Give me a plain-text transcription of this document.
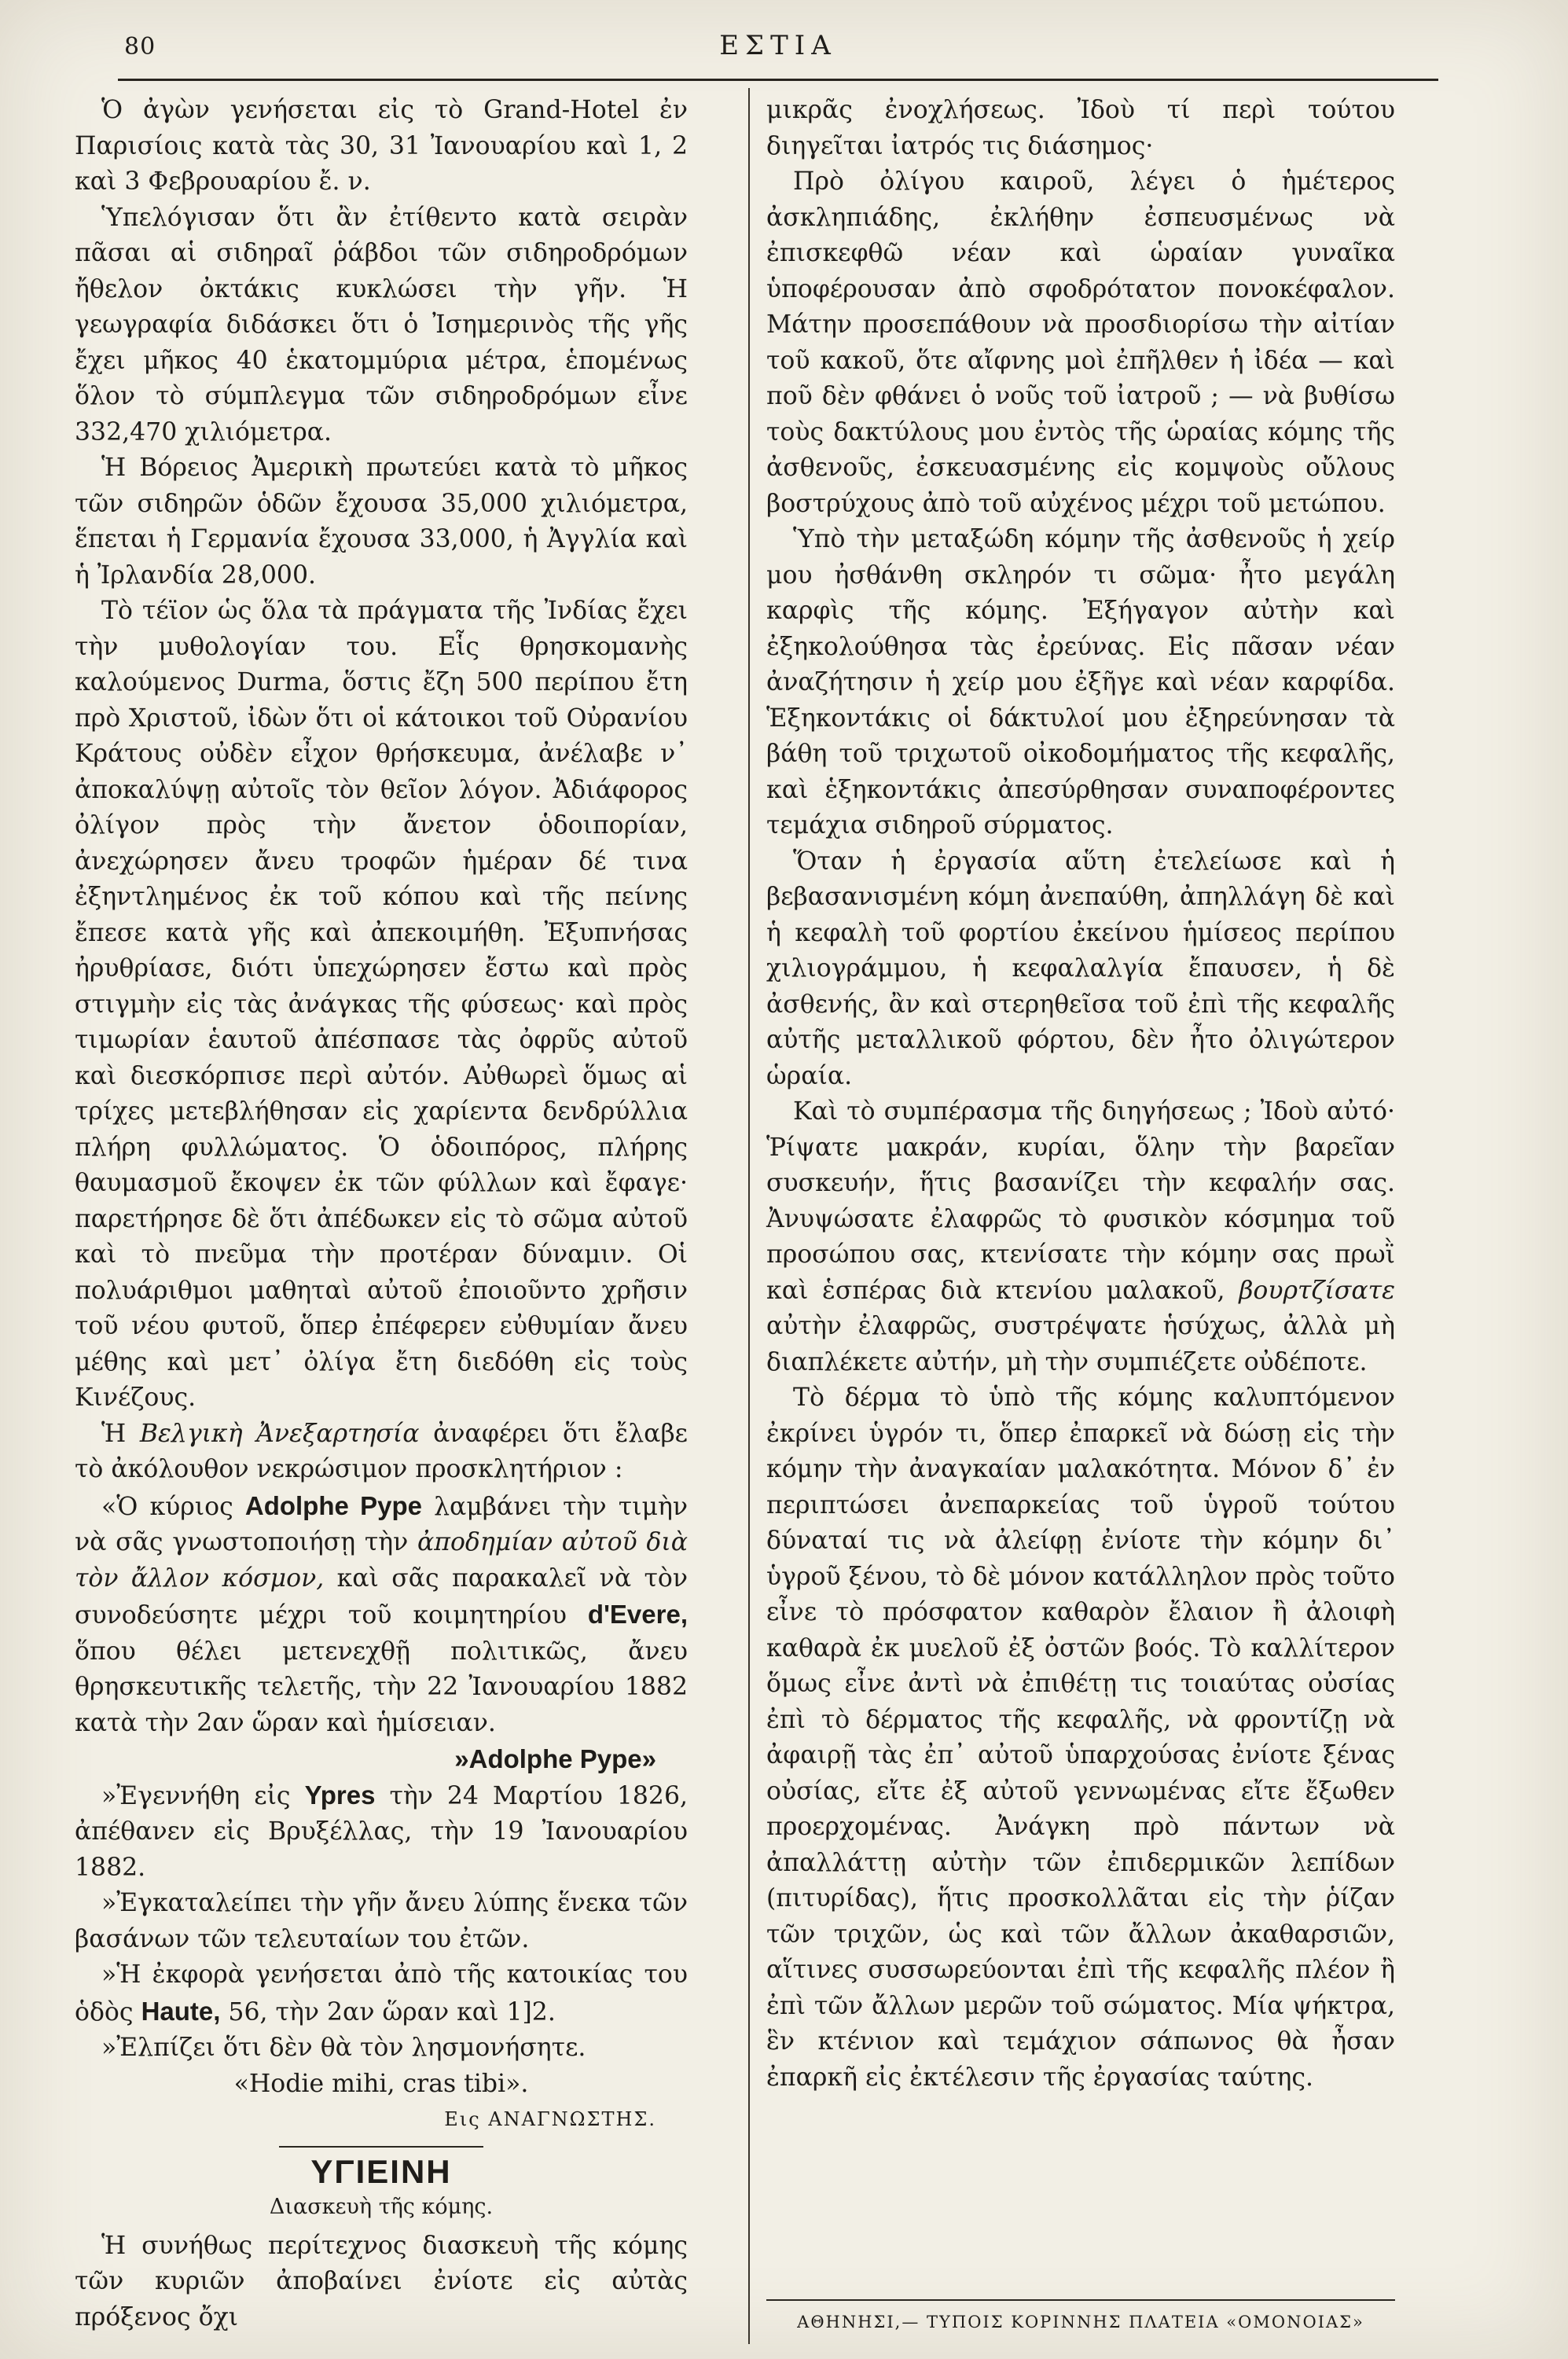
80	ΕΣΤΙΑ

Ὁ ἀγὼν γενήσεται εἰς τὸ Grand-Hotel ἐν Παρισίοις κατὰ τὰς 30, 31 Ἰανουαρίου καὶ 1, 2 καὶ 3 Φεβρουαρίου ἔ. ν.

Ὑπελόγισαν ὅτι ἂν ἐτίθεντο κατὰ σειρὰν πᾶσαι αἱ σιδηραῖ ῥάβδοι τῶν σιδηροδρόμων ἤθελον ὀκτάκις κυκλώσει τὴν γῆν. Ἡ γεωγραφία διδάσκει ὅτι ὁ Ἰσημερινὸς τῆς γῆς ἔχει μῆκος 40 ἑκατομμύρια μέτρα, ἑπομένως ὅλον τὸ σύμπλεγμα τῶν σιδηροδρόμων εἶνε 332,470 χιλιόμετρα.

Ἡ Βόρειος Ἀμερικὴ πρωτεύει κατὰ τὸ μῆκος τῶν σιδηρῶν ὁδῶν ἔχουσα 35,000 χιλιόμετρα, ἕπεται ἡ Γερμανία ἔχουσα 33,000, ἡ Ἀγγλία καὶ ἡ Ἰρλανδία 28,000.

Τὸ τέϊον ὡς ὅλα τὰ πράγματα τῆς Ἰνδίας ἔχει τὴν μυθολογίαν του. Εἷς θρησκομανὴς καλούμενος Durma, ὅστις ἔζη 500 περίπου ἔτη πρὸ Χριστοῦ, ἰδὼν ὅτι οἱ κάτοικοι τοῦ Οὐρανίου Κράτους οὐδὲν εἶχον θρήσκευμα, ἀνέλαβε ν᾿ ἀποκαλύψῃ αὐτοῖς τὸν θεῖον λόγον. Ἀδιάφορος ὀλίγον πρὸς τὴν ἄνετον ὁδοιπορίαν, ἀνεχώρησεν ἄνευ τροφῶν ἡμέραν δέ τινα ἐξηντλημένος ἐκ τοῦ κόπου καὶ τῆς πείνης ἔπεσε κατὰ γῆς καὶ ἀπεκοιμήθη. Ἐξυπνήσας ἠρυθρίασε, διότι ὑπεχώρησεν ἔστω καὶ πρὸς στιγμὴν εἰς τὰς ἀνάγκας τῆς φύσεως· καὶ πρὸς τιμωρίαν ἑαυτοῦ ἀπέσπασε τὰς ὀφρῦς αὐτοῦ καὶ διεσκόρπισε περὶ αὐτόν. Αὐθωρεὶ ὅμως αἱ τρίχες μετεβλήθησαν εἰς χαρίεντα δενδρύλλια πλήρη φυλλώματος. Ὁ ὁδοιπόρος, πλήρης θαυμασμοῦ ἔκοψεν ἐκ τῶν φύλλων καὶ ἔφαγε· παρετήρησε δὲ ὅτι ἀπέδωκεν εἰς τὸ σῶμα αὐτοῦ καὶ τὸ πνεῦμα τὴν προτέραν δύναμιν. Οἱ πολυάριθμοι μαθηταὶ αὐτοῦ ἐποιοῦντο χρῆσιν τοῦ νέου φυτοῦ, ὅπερ ἐπέφερεν εὐθυμίαν ἄνευ μέθης καὶ μετ᾿ ὀλίγα ἔτη διεδόθη εἰς τοὺς Κινέζους.

Ἡ Βελγικὴ Ἀνεξαρτησία ἀναφέρει ὅτι ἔλαβε τὸ ἀκόλουθον νεκρώσιμον προσκλητήριον :

«Ὁ κύριος Adolphe Pype λαμβάνει τὴν τιμὴν νὰ σᾶς γνωστοποιήσῃ τὴν ἀποδημίαν αὐτοῦ διὰ τὸν ἄλλον κόσμον, καὶ σᾶς παρακαλεῖ νὰ τὸν συνοδεύσητε μέχρι τοῦ κοιμητηρίου d'Evere, ὅπου θέλει μετενεχθῇ πολιτικῶς, ἄνευ θρησκευτικῆς τελετῆς, τὴν 22 Ἰανουαρίου 1882 κατὰ τὴν 2αν ὥραν καὶ ἡμίσειαν.

»Adolphe Pype»

»Ἐγεννήθη εἰς Ypres τὴν 24 Μαρτίου 1826, ἀπέθανεν εἰς Βρυξέλλας, τὴν 19 Ἰανουαρίου 1882.

»Ἐγκαταλείπει τὴν γῆν ἄνευ λύπης ἕνεκα τῶν βασάνων τῶν τελευταίων του ἐτῶν.

»Ἡ ἐκφορὰ γενήσεται ἀπὸ τῆς κατοικίας του ὁδὸς Haute, 56, τὴν 2αν ὥραν καὶ 1]2.

»Ἐλπίζει ὅτι δὲν θὰ τὸν λησμονήσητε.

«Hodie mihi, cras tibi».

Εις ΑΝΑΓΝΩΣΤΗΣ.

ΥΓΙΕΙΝΗ
Διασκευὴ τῆς κόμης.

Ἡ συνήθως περίτεχνος διασκευὴ τῆς κόμης τῶν κυριῶν ἀποβαίνει ἐνίοτε εἰς αὐτὰς πρόξενος ὄχι

μικρᾶς ἐνοχλήσεως. Ἰδοὺ τί περὶ τούτου διηγεῖται ἰατρός τις διάσημος·

Πρὸ ὀλίγου καιροῦ, λέγει ὁ ἡμέτερος ἀσκληπιάδης, ἐκλήθην ἐσπευσμένως νὰ ἐπισκεφθῶ νέαν καὶ ὡραίαν γυναῖκα ὑποφέρουσαν ἀπὸ σφοδρότατον πονοκέφαλον. Μάτην προσεπάθουν νὰ προσδιορίσω τὴν αἰτίαν τοῦ κακοῦ, ὅτε αἴφνης μοὶ ἐπῆλθεν ἡ ἰδέα — καὶ ποῦ δὲν φθάνει ὁ νοῦς τοῦ ἰατροῦ ; — νὰ βυθίσω τοὺς δακτύλους μου ἐντὸς τῆς ὡραίας κόμης τῆς ἀσθενοῦς, ἐσκευασμένης εἰς κομψοὺς οὔλους βοστρύχους ἀπὸ τοῦ αὐχένος μέχρι τοῦ μετώπου.

Ὑπὸ τὴν μεταξώδη κόμην τῆς ἀσθενοῦς ἡ χείρ μου ἠσθάνθη σκληρόν τι σῶμα· ἦτο μεγάλη καρφὶς τῆς κόμης. Ἐξήγαγον αὐτὴν καὶ ἐξηκολούθησα τὰς ἐρεύνας. Εἰς πᾶσαν νέαν ἀναζήτησιν ἡ χείρ μου ἐξῆγε καὶ νέαν καρφίδα. Ἑξηκοντάκις οἱ δάκτυλοί μου ἐξηρεύνησαν τὰ βάθη τοῦ τριχωτοῦ οἰκοδομήματος τῆς κεφαλῆς, καὶ ἑξηκοντάκις ἀπεσύρθησαν συναποφέροντες τεμάχια σιδηροῦ σύρματος.

Ὅταν ἡ ἐργασία αὕτη ἐτελείωσε καὶ ἡ βεβασανισμένη κόμη ἀνεπαύθη, ἀπηλλάγη δὲ καὶ ἡ κεφαλὴ τοῦ φορτίου ἐκείνου ἡμίσεος περίπου χιλιογράμμου, ἡ κεφαλαλγία ἔπαυσεν, ἡ δὲ ἀσθενής, ἂν καὶ στερηθεῖσα τοῦ ἐπὶ τῆς κεφαλῆς αὐτῆς μεταλλικοῦ φόρτου, δὲν ἦτο ὀλιγώτερον ὡραία.

Καὶ τὸ συμπέρασμα τῆς διηγήσεως ; Ἰδοὺ αὐτό· Ῥίψατε μακράν, κυρίαι, ὅλην τὴν βαρεῖαν συσκευήν, ἥτις βασανίζει τὴν κεφαλήν σας. Ἀνυψώσατε ἐλαφρῶς τὸ φυσικὸν κόσμημα τοῦ προσώπου σας, κτενίσατε τὴν κόμην σας πρωῒ καὶ ἑσπέρας διὰ κτενίου μαλακοῦ, βουρτζίσατε αὐτὴν ἐλαφρῶς, συστρέψατε ἡσύχως, ἀλλὰ μὴ διαπλέκετε αὐτήν, μὴ τὴν συμπιέζετε οὐδέποτε.

Τὸ δέρμα τὸ ὑπὸ τῆς κόμης καλυπτόμενον ἐκρίνει ὑγρόν τι, ὅπερ ἐπαρκεῖ νὰ δώσῃ εἰς τὴν κόμην τὴν ἀναγκαίαν μαλακότητα. Μόνον δ᾿ ἐν περιπτώσει ἀνεπαρκείας τοῦ ὑγροῦ τούτου δύναταί τις νὰ ἀλείφῃ ἐνίοτε τὴν κόμην δι᾿ ὑγροῦ ξένου, τὸ δὲ μόνον κατάλληλον πρὸς τοῦτο εἶνε τὸ πρόσφατον καθαρὸν ἔλαιον ἢ ἀλοιφὴ καθαρὰ ἐκ μυελοῦ ἐξ ὀστῶν βοός. Τὸ καλλίτερον ὅμως εἶνε ἀντὶ νὰ ἐπιθέτῃ τις τοιαύτας οὐσίας ἐπὶ τὸ δέρματος τῆς κεφαλῆς, νὰ φροντίζῃ νὰ ἀφαιρῇ τὰς ἐπ᾿ αὐτοῦ ὑπαρχούσας ἐνίοτε ξένας οὐσίας, εἴτε ἐξ αὐτοῦ γεννωμένας εἴτε ἔξωθεν προερχομένας. Ἀνάγκη πρὸ πάντων νὰ ἀπαλλάττῃ αὐτὴν τῶν ἐπιδερμικῶν λεπίδων (πιτυρίδας), ἥτις προσκολλᾶται εἰς τὴν ῥίζαν τῶν τριχῶν, ὡς καὶ τῶν ἄλλων ἀκαθαρσιῶν, αἵτινες συσσωρεύονται ἐπὶ τῆς κεφαλῆς πλέον ἢ ἐπὶ τῶν ἄλλων μερῶν τοῦ σώματος. Μία ψήκτρα, ἓν κτένιον καὶ τεμάχιον σάπωνος θὰ ἦσαν ἐπαρκῆ εἰς ἐκτέλεσιν τῆς ἐργασίας ταύτης.

ΑΘΗΝΗΣΙ,— ΤΥΠΟΙΣ ΚΟΡΙΝΝΗΣ ΠΛΑΤΕΙΑ «ΟΜΟΝΟΙΑΣ»
